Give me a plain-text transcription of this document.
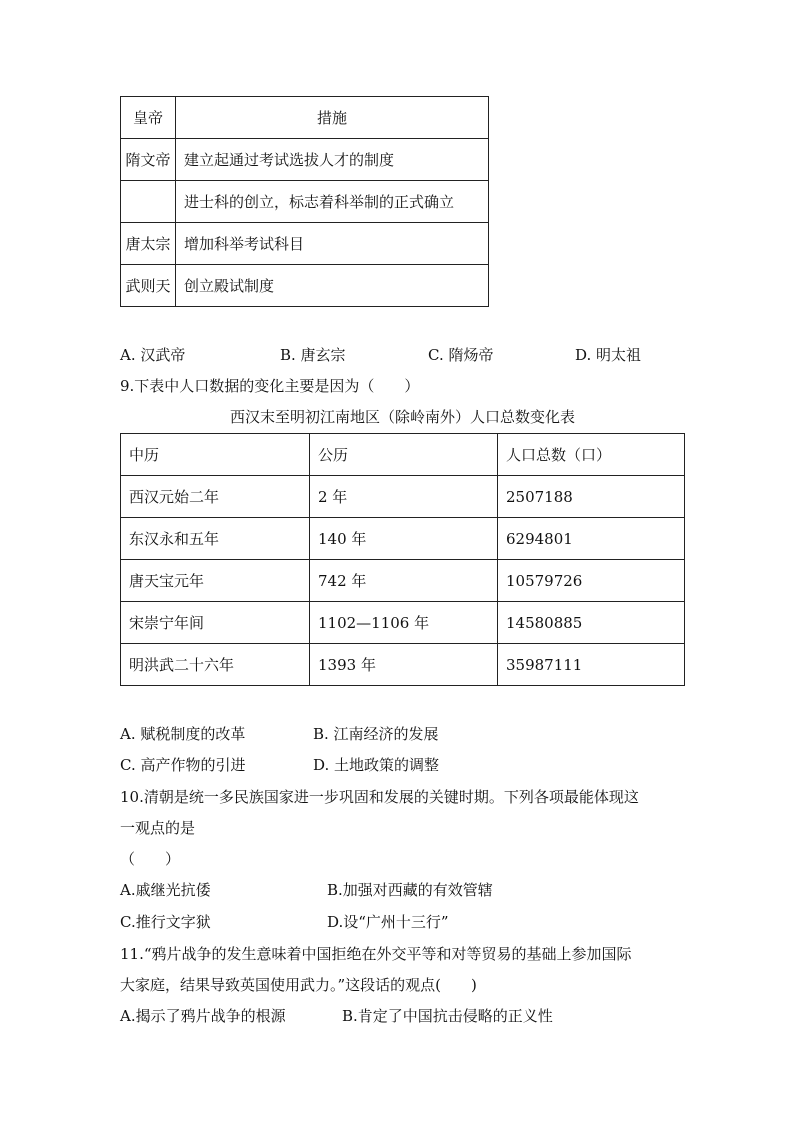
皇帝	措施
隋文帝	建立起通过考试选拔人才的制度
	进士科的创立，标志着科举制的正式确立
唐太宗	增加科举考试科目
武则天	创立殿试制度
A. 汉武帝	B. 唐玄宗	C. 隋炀帝	D. 明太祖
9.下表中人口数据的变化主要是因为（　　）
西汉末至明初江南地区（除岭南外）人口总数变化表
中历	公历	人口总数（口）
西汉元始二年	2 年	2507188
东汉永和五年	140 年	6294801
唐天宝元年	742 年	10579726
宋崇宁年间	1102—1106 年	14580885
明洪武二十六年	1393 年	35987111
A. 赋税制度的改革	B. 江南经济的发展
C. 高产作物的引进	D. 土地政策的调整
10.清朝是统一多民族国家进一步巩固和发展的关键时期。下列各项最能体现这
一观点的是
（　　）
A.戚继光抗倭	B.加强对西藏的有效管辖
C.推行文字狱	D.设“广州十三行”
11.“鸦片战争的发生意味着中国拒绝在外交平等和对等贸易的基础上参加国际
大家庭，结果导致英国使用武力。”这段话的观点(　　)
A.揭示了鸦片战争的根源	B.肯定了中国抗击侵略的正义性
